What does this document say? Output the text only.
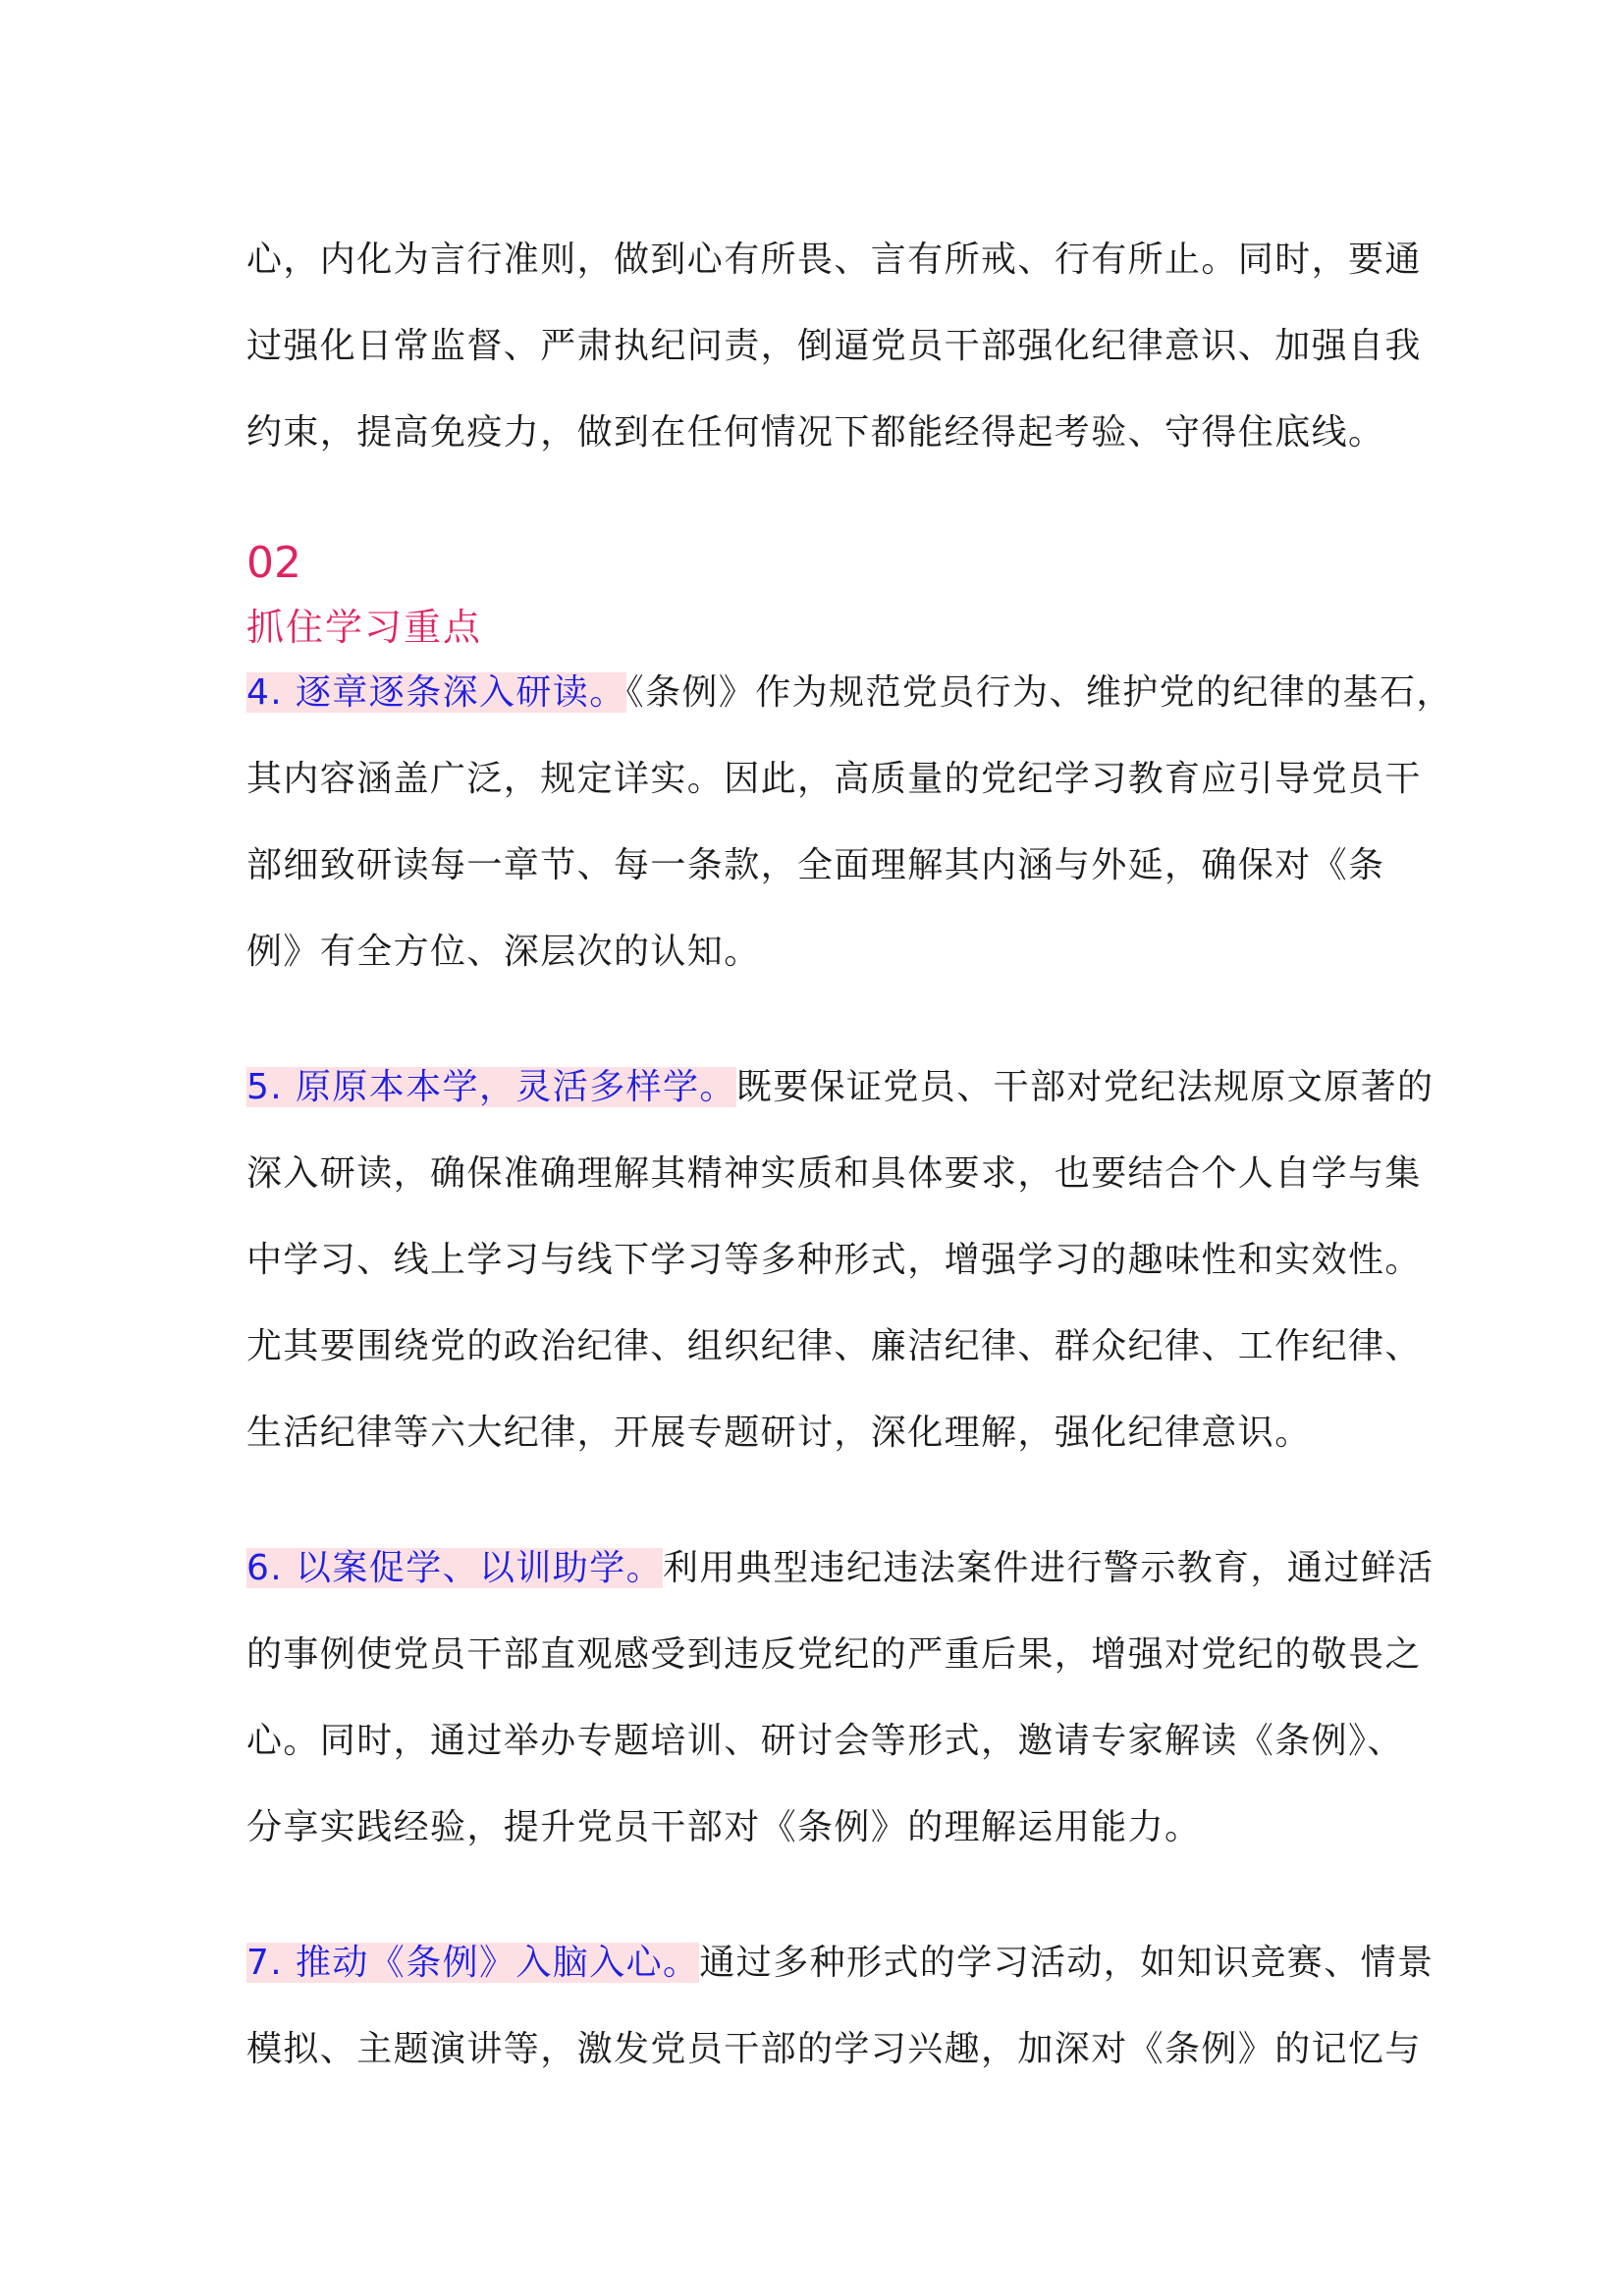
心，内化为言行准则，做到心有所畏、言有所戒、行有所止。同时，要通
过强化日常监督、严肃执纪问责，倒逼党员干部强化纪律意识、加强自我
约束，提高免疫力，做到在任何情况下都能经得起考验、守得住底线。
02
抓住学习重点
4. 逐章逐条深入研读。《条例》作为规范党员行为、维护党的纪律的基石，
其内容涵盖广泛，规定详实。因此，高质量的党纪学习教育应引导党员干
部细致研读每一章节、每一条款，全面理解其内涵与外延，确保对《条
例》有全方位、深层次的认知。
5. 原原本本学，灵活多样学。既要保证党员、干部对党纪法规原文原著的
深入研读，确保准确理解其精神实质和具体要求，也要结合个人自学与集
中学习、线上学习与线下学习等多种形式，增强学习的趣味性和实效性。
尤其要围绕党的政治纪律、组织纪律、廉洁纪律、群众纪律、工作纪律、
生活纪律等六大纪律，开展专题研讨，深化理解，强化纪律意识。
6. 以案促学、以训助学。利用典型违纪违法案件进行警示教育，通过鲜活
的事例使党员干部直观感受到违反党纪的严重后果，增强对党纪的敬畏之
心。同时，通过举办专题培训、研讨会等形式，邀请专家解读《条例》、
分享实践经验，提升党员干部对《条例》的理解运用能力。
7. 推动《条例》入脑入心。通过多种形式的学习活动，如知识竞赛、情景
模拟、主题演讲等，激发党员干部的学习兴趣，加深对《条例》的记忆与
